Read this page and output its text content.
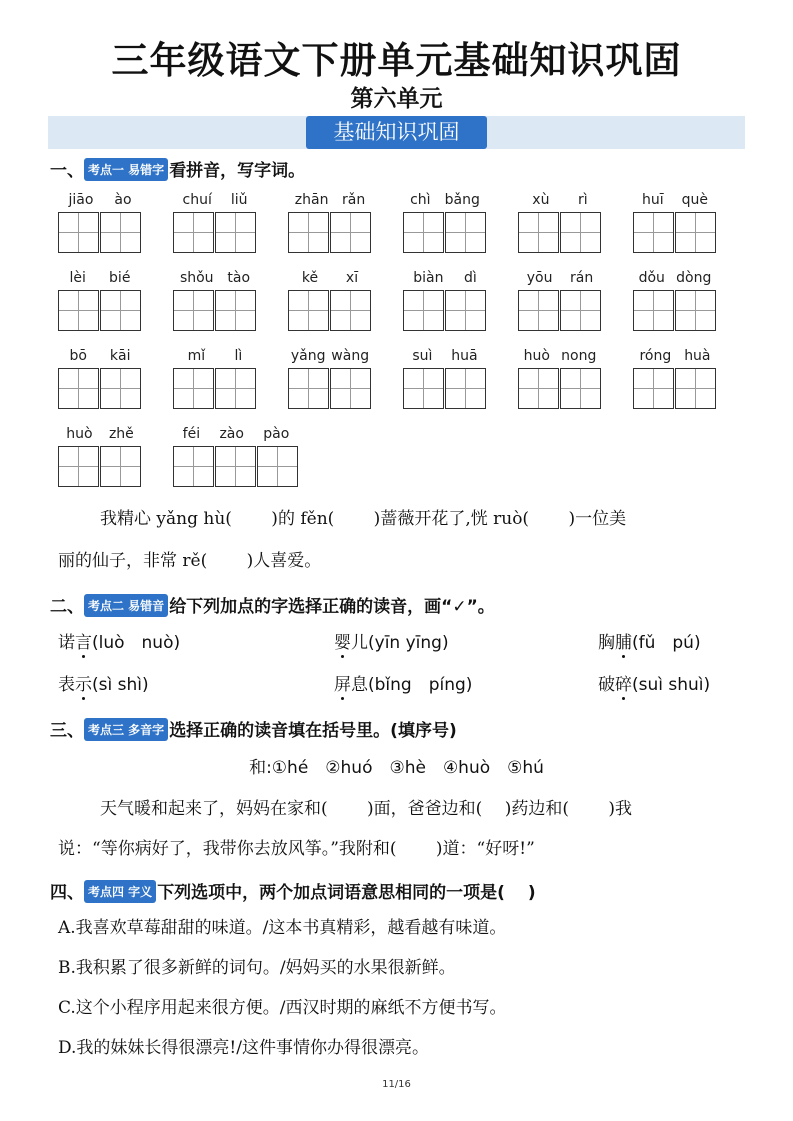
三年级语文下册单元基础知识巩固
第六单元
基础知识巩固
一、 考点一 易错字 看拼音，写字词。
jiāo ào	chuí liǔ	zhān rǎn	chì bǎng	xù rì	huī què
lèi bié	shǒu tào	kě xī	biàn dì	yōu rán	dǒu dòng
bō kāi	mǐ lì	yǎng wàng	suì huā	huò nong	róng huà
huò zhě	féi zào pào
我精心 yǎng hù(　　 )的 fěn(　　 )蔷薇开花了,恍 ruò(　　 )一位美
丽的仙子，非常 rě(　　 )人喜爱。
二、 考点二 易错音 给下列加点的字选择正确的读音，画“✓”。
诺言(luò　nuò)	婴儿(yīn yīng)	胸脯(fǔ　pú)
表示(sì shì)	屏息(bǐng　píng)	破碎(suì shuì)
三、 考点三 多音字 选择正确的读音填在括号里。(填序号)
和:①hé　②huó　③hè　④huò　⑤hú
天气暖和起来了，妈妈在家和(　　 )面，爸爸边和(　 )药边和(　　 )我
说：“等你病好了，我带你去放风筝。”我附和(　　 )道：“好呀!”
四、 考点四 字义 下列选项中，两个加点词语意思相同的一项是(　 )
A.我喜欢草莓甜甜的味道。/这本书真精彩，越看越有味道。
B.我积累了很多新鲜的词句。/妈妈买的水果很新鲜。
C.这个小程序用起来很方便。/西汉时期的麻纸不方便书写。
D.我的妹妹长得很漂亮!/这件事情你办得很漂亮。
11/16
